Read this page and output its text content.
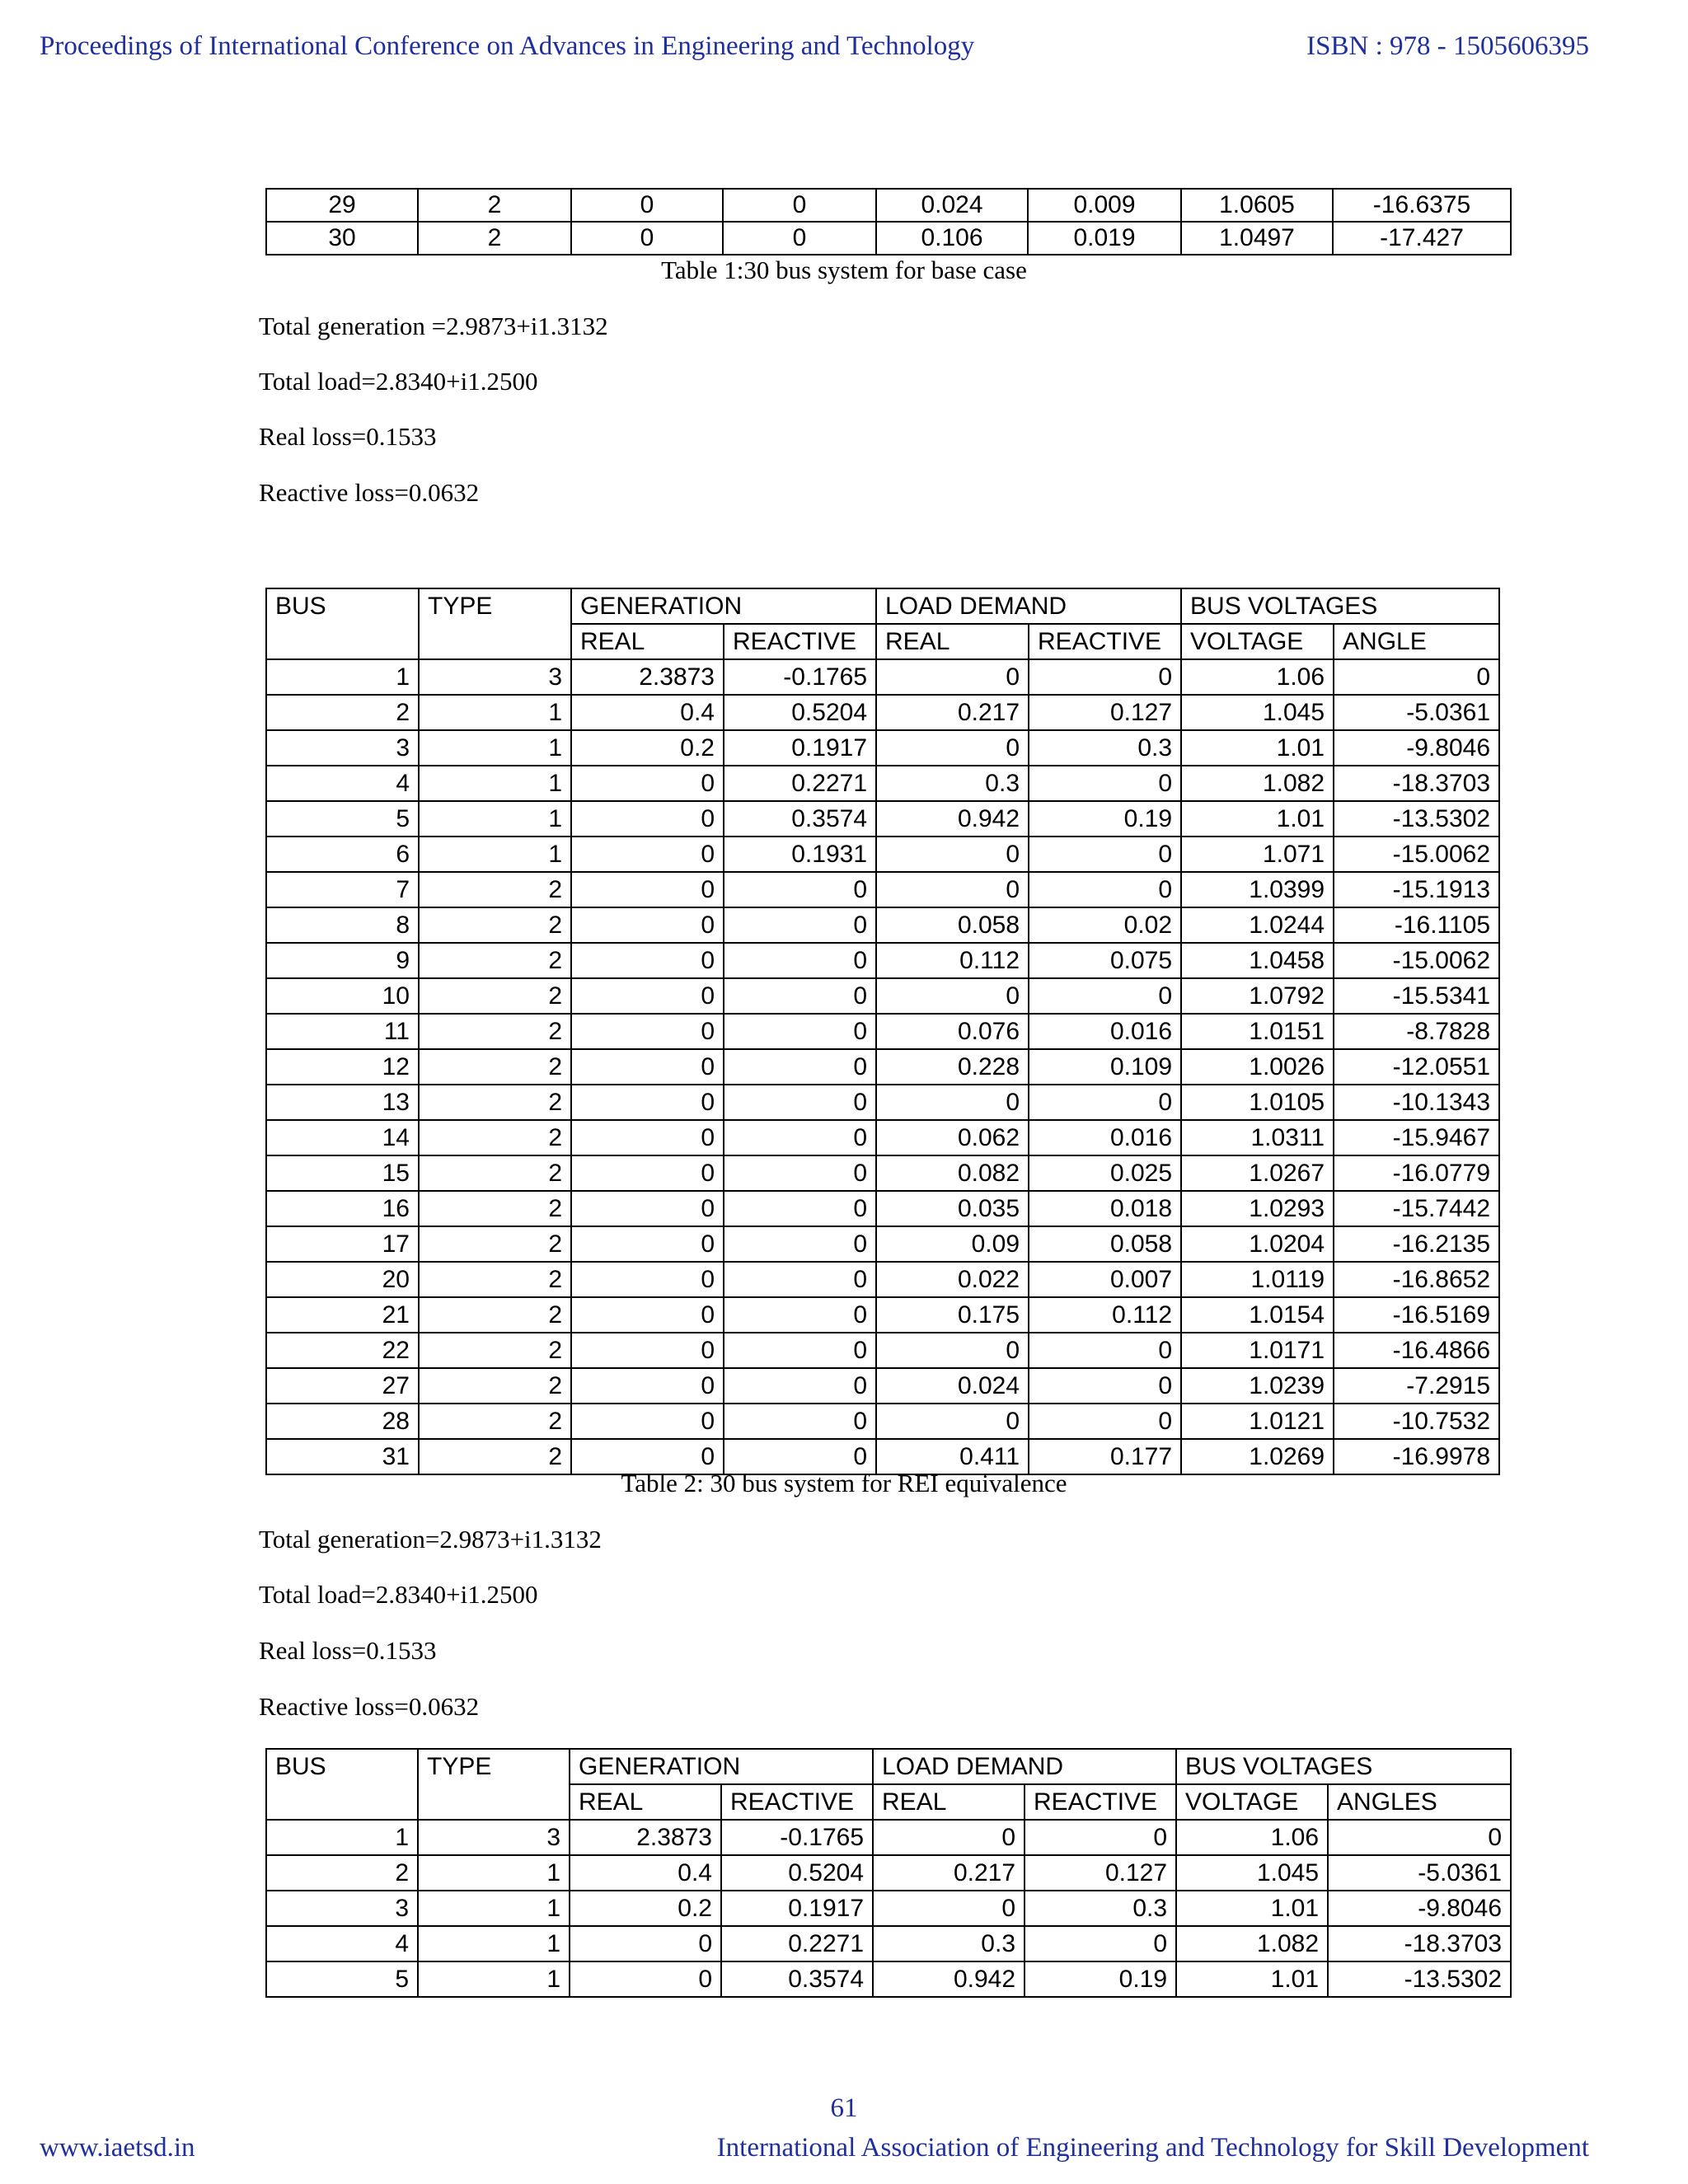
Proceedings of International Conference on Advances in Engineering and Technology	ISBN : 978 - 1505606395
29	2	0	0	0.024	0.009	1.0605	-16.6375
30	2	0	0	0.106	0.019	1.0497	-17.427
Table 1:30 bus system for base case
Total generation =2.9873+i1.3132
Total load=2.8340+i1.2500
Real loss=0.1533
Reactive loss=0.0632
BUS	TYPE	GENERATION		LOAD DEMAND		BUS VOLTAGES	
		REAL	REACTIVE	REAL	REACTIVE	VOLTAGE	ANGLE
1	3	2.3873	-0.1765	0	0	1.06	0
2	1	0.4	0.5204	0.217	0.127	1.045	-5.0361
3	1	0.2	0.1917	0	0.3	1.01	-9.8046
4	1	0	0.2271	0.3	0	1.082	-18.3703
5	1	0	0.3574	0.942	0.19	1.01	-13.5302
6	1	0	0.1931	0	0	1.071	-15.0062
7	2	0	0	0	0	1.0399	-15.1913
8	2	0	0	0.058	0.02	1.0244	-16.1105
9	2	0	0	0.112	0.075	1.0458	-15.0062
10	2	0	0	0	0	1.0792	-15.5341
11	2	0	0	0.076	0.016	1.0151	-8.7828
12	2	0	0	0.228	0.109	1.0026	-12.0551
13	2	0	0	0	0	1.0105	-10.1343
14	2	0	0	0.062	0.016	1.0311	-15.9467
15	2	0	0	0.082	0.025	1.0267	-16.0779
16	2	0	0	0.035	0.018	1.0293	-15.7442
17	2	0	0	0.09	0.058	1.0204	-16.2135
20	2	0	0	0.022	0.007	1.0119	-16.8652
21	2	0	0	0.175	0.112	1.0154	-16.5169
22	2	0	0	0	0	1.0171	-16.4866
27	2	0	0	0.024	0	1.0239	-7.2915
28	2	0	0	0	0	1.0121	-10.7532
31	2	0	0	0.411	0.177	1.0269	-16.9978
Table 2: 30 bus system for REI equivalence
Total generation=2.9873+i1.3132
Total load=2.8340+i1.2500
Real loss=0.1533
Reactive loss=0.0632
BUS	TYPE	GENERATION		LOAD DEMAND		BUS VOLTAGES	
		REAL	REACTIVE	REAL	REACTIVE	VOLTAGE	ANGLES
1	3	2.3873	-0.1765	0	0	1.06	0
2	1	0.4	0.5204	0.217	0.127	1.045	-5.0361
3	1	0.2	0.1917	0	0.3	1.01	-9.8046
4	1	0	0.2271	0.3	0	1.082	-18.3703
5	1	0	0.3574	0.942	0.19	1.01	-13.5302
61
www.iaetsd.in	International Association of Engineering and Technology for Skill Development
